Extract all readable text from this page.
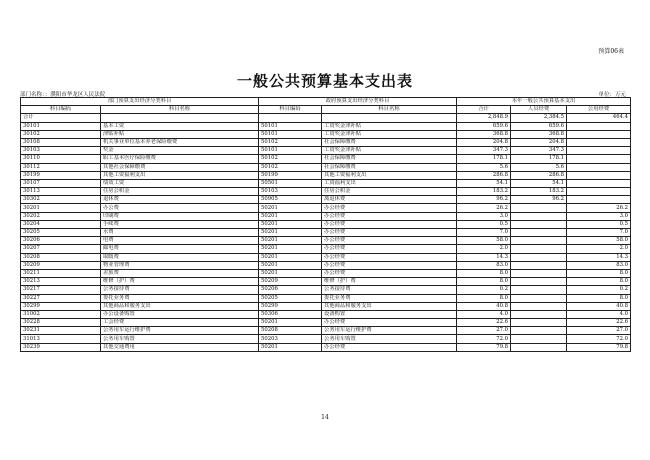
预算06表
一般公共预算基本支出表
部门名称：：濮阳市华龙区人民法院	单位：万元
部门预算支出经济分类科目		政府预算支出经济分类科目		本年一般公共预算基本支出		
科目编码	科目名称	科目编码	科目名称	合计	人员经费	公用经费
合计				2,848.9	2,384.5	464.4
30101	基本工资	50101	工资奖金津补贴	659.6	659.6	
30102	津贴补贴	50101	工资奖金津补贴	368.8	368.8	
30108	机关事业单位基本养老保险缴费	50102	社会保障缴费	204.8	204.8	
30103	奖金	50101	工资奖金津补贴	347.3	347.3	
30110	职工基本医疗保险缴费	50102	社会保障缴费	178.1	178.1	
30112	其他社会保障缴费	50102	社会保障缴费	5.6	5.6	
30199	其他工资福利支出	50199	其他工资福利支出	286.8	286.8	
30107	绩效工资	50501	工资福利支出	54.1	54.1	
30113	住房公积金	50103	住房公积金	183.2	183.2	
30302	退休费	50905	离退休费	96.2	96.2	
30201	办公费	50201	办公经费	26.2		26.2
30202	印刷费	50201	办公经费	3.0		3.0
30204	手续费	50201	办公经费	0.5		0.5
30205	水费	50201	办公经费	7.0		7.0
30206	电费	50201	办公经费	58.0		58.0
30207	邮电费	50201	办公经费	2.0		2.0
30208	取暖费	50201	办公经费	14.3		14.3
30209	物业管理费	50201	办公经费	83.0		83.0
30211	差旅费	50201	办公经费	8.0		8.0
30213	维修（护）费	50209	维修（护）费	8.0		8.0
30217	公务接待费	50206	公务接待费	0.2		0.2
30227	委托业务费	50205	委托业务费	8.0		8.0
30299	其他商品和服务支出	50299	其他商品和服务支出	40.8		40.8
31002	办公设备购置	50306	设备购置	4.0		4.0
30228	工会经费	50201	办公经费	22.6		22.6
30231	公务用车运行维护费	50208	公务用车运行维护费	27.0		27.0
31013	公务用车购置	50203	公务用车购置	72.0		72.0
30239	其他交通费用	50201	办公经费	79.8		79.8
14
